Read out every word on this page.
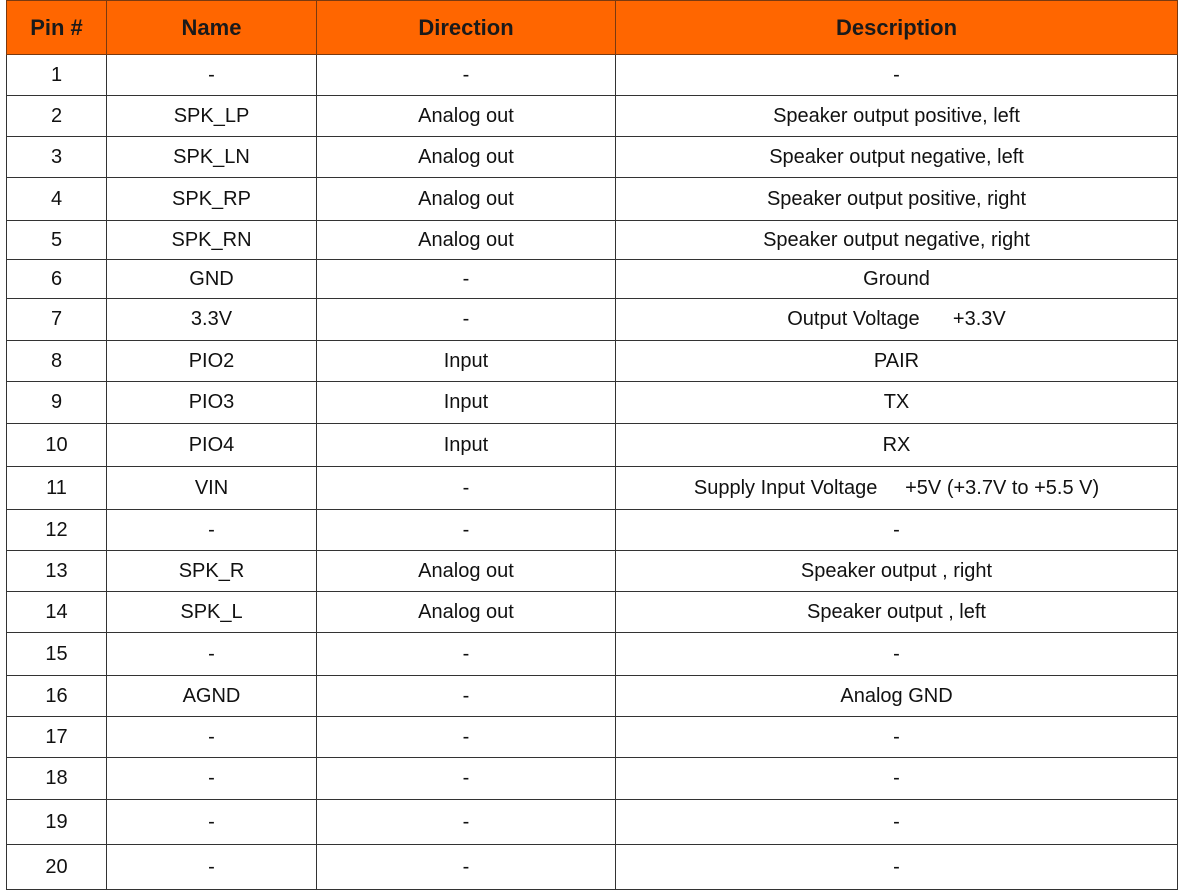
Pin #	Name	Direction	Description
1	-	-	-
2	SPK_LP	Analog out	Speaker output positive, left
3	SPK_LN	Analog out	Speaker output negative, left
4	SPK_RP	Analog out	Speaker output positive, right
5	SPK_RN	Analog out	Speaker output negative, right
6	GND	-	Ground
7	3.3V	-	Output Voltage      +3.3V
8	PIO2	Input	PAIR
9	PIO3	Input	TX
10	PIO4	Input	RX
11	VIN	-	Supply Input Voltage     +5V (+3.7V to +5.5 V)
12	-	-	-
13	SPK_R	Analog out	Speaker output , right
14	SPK_L	Analog out	Speaker output , left
15	-	-	-
16	AGND	-	Analog GND
17	-	-	-
18	-	-	-
19	-	-	-
20	-	-	-
